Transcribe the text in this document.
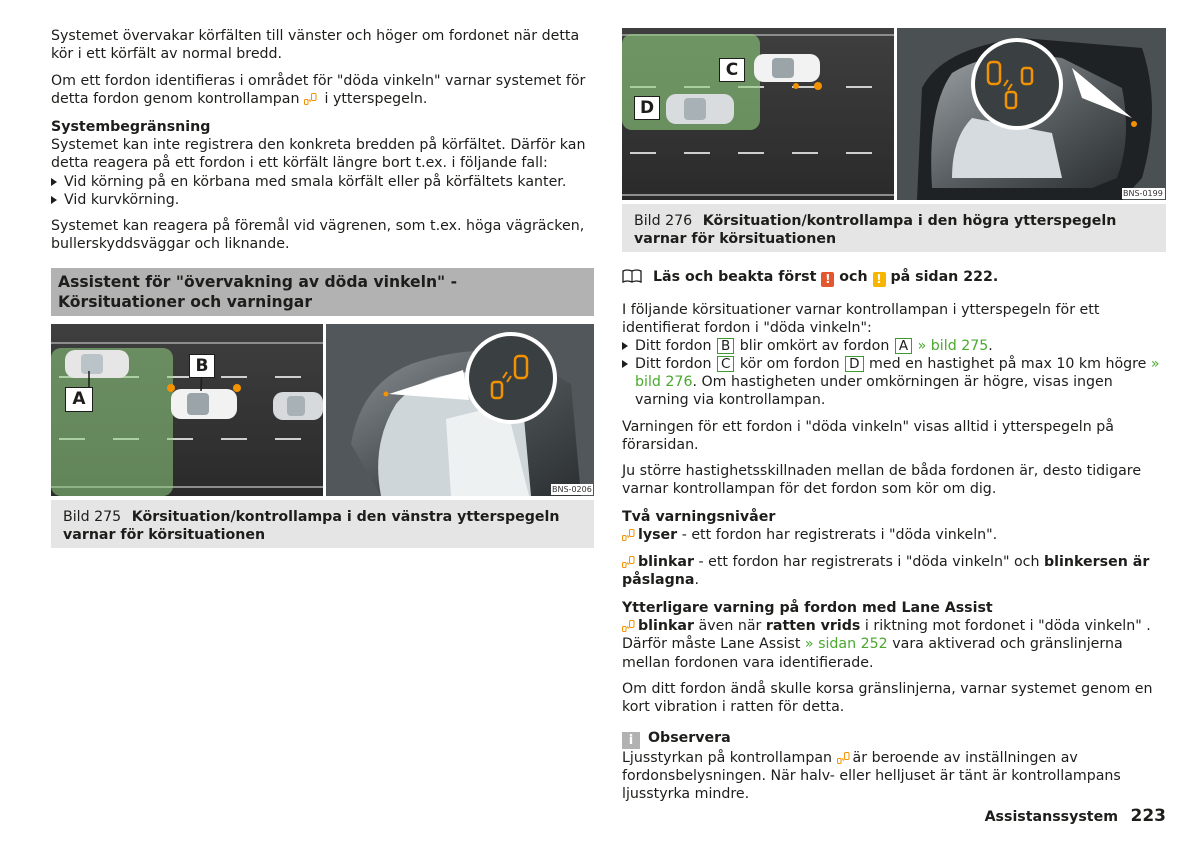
Systemet övervakar körfälten till vänster och höger om fordonet när detta kör i ett körfält av normal bredd.

Om ett fordon identifieras i området för "döda vinkeln" varnar systemet för detta fordon genom kontrollampan i ytterspegeln.

Systembegränsning

Systemet kan inte registrera den konkreta bredden på körfältet. Därför kan detta reagera på ett fordon i ett körfält längre bort t.ex. i följande fall:

Vid körning på en körbana med smala körfält eller på körfältets kanter.

Vid kurvkörning.

Systemet kan reagera på föremål vid vägrenen, som t.ex. höga vägräcken, bullerskyddsväggar och liknande.

Assistent för "övervakning av döda vinkeln" - Körsituationer och varningar
A
B
BNS-0206
Bild 275 Körsituation/kontrollampa i den vänstra ytterspegeln varnar för körsituationen
C
D
BNS-0199
Bild 276 Körsituation/kontrollampa i den högra ytterspegeln varnar för körsituationen

Läs och beakta först ! och ! på sidan 222.

I följande körsituationer varnar kontrollampan i ytterspegeln för ett identifierat fordon i "döda vinkeln":

Ditt fordon B blir omkört av fordon A » bild 275.

Ditt fordon C kör om fordon D med en hastighet på max 10 km högre » bild 276. Om hastigheten under omkörningen är högre, visas ingen varning via kontrollampan.

Varningen för ett fordon i "döda vinkeln" visas alltid i ytterspegeln på förarsidan.

Ju större hastighetsskillnaden mellan de båda fordonen är, desto tidigare varnar kontrollampan för det fordon som kör om dig.

Två varningsnivåer

lyser - ett fordon har registrerats i "döda vinkeln".

blinkar - ett fordon har registrerats i "döda vinkeln" och blinkersen är påslagna.

Ytterligare varning på fordon med Lane Assist

blinkar även när ratten vrids i riktning mot fordonet i "döda vinkeln" . Därför måste Lane Assist » sidan 252 vara aktiverad och gränslinjerna mellan fordonen vara identifierade.

Om ditt fordon ändå skulle korsa gränslinjerna, varnar systemet genom en kort vibration i ratten för detta.

i Observera

Ljusstyrkan på kontrollampan är beroende av inställningen av fordonsbelysningen. När halv- eller helljuset är tänt är kontrollampans ljusstyrka mindre.

Assistanssystem 223
